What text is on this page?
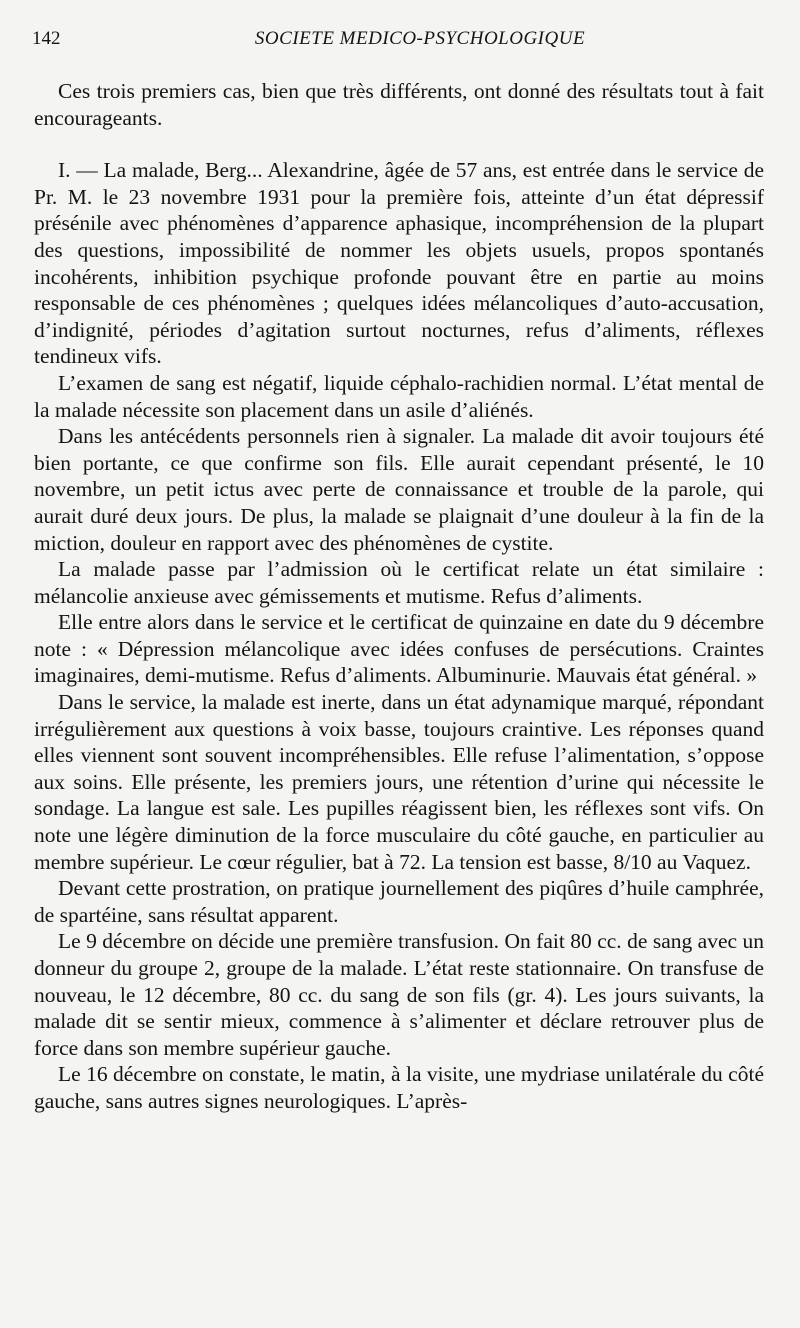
142	SOCIETE MEDICO-PSYCHOLOGIQUE

Ces trois premiers cas, bien que très différents, ont donné des résultats tout à fait encourageants.

I. — La malade, Berg... Alexandrine, âgée de 57 ans, est entrée dans le service de Pr. M. le 23 novembre 1931 pour la première fois, atteinte d’un état dépressif présénile avec phénomènes d’apparence aphasique, incompréhension de la plupart des questions, impossibilité de nommer les objets usuels, propos spontanés incohérents, inhibition psychique profonde pouvant être en partie au moins responsable de ces phénomènes ; quelques idées mélancoliques d’auto-accusation, d’indignité, périodes d’agitation surtout nocturnes, refus d’aliments, réflexes tendineux vifs.

L’examen de sang est négatif, liquide céphalo-rachidien normal. L’état mental de la malade nécessite son placement dans un asile d’aliénés.

Dans les antécédents personnels rien à signaler. La malade dit avoir toujours été bien portante, ce que confirme son fils. Elle aurait cependant présenté, le 10 novembre, un petit ictus avec perte de connaissance et trouble de la parole, qui aurait duré deux jours. De plus, la malade se plaignait d’une douleur à la fin de la miction, douleur en rapport avec des phénomènes de cystite.

La malade passe par l’admission où le certificat relate un état similaire : mélancolie anxieuse avec gémissements et mutisme. Refus d’aliments.

Elle entre alors dans le service et le certificat de quinzaine en date du 9 décembre note : « Dépression mélancolique avec idées confuses de persécutions. Craintes imaginaires, demi-mutisme. Refus d’aliments. Albuminurie. Mauvais état général. »

Dans le service, la malade est inerte, dans un état adynamique marqué, répondant irrégulièrement aux questions à voix basse, toujours craintive. Les réponses quand elles viennent sont souvent incompréhensibles. Elle refuse l’alimentation, s’oppose aux soins. Elle présente, les premiers jours, une rétention d’urine qui nécessite le sondage. La langue est sale. Les pupilles réagissent bien, les réflexes sont vifs. On note une légère diminution de la force musculaire du côté gauche, en particulier au membre supérieur. Le cœur régulier, bat à 72. La tension est basse, 8/10 au Vaquez.

Devant cette prostration, on pratique journellement des piqûres d’huile camphrée, de spartéine, sans résultat apparent.

Le 9 décembre on décide une première transfusion. On fait 80 cc. de sang avec un donneur du groupe 2, groupe de la malade. L’état reste stationnaire. On transfuse de nouveau, le 12 décembre, 80 cc. du sang de son fils (gr. 4). Les jours suivants, la malade dit se sentir mieux, commence à s’alimenter et déclare retrouver plus de force dans son membre supérieur gauche.

Le 16 décembre on constate, le matin, à la visite, une mydriase unilatérale du côté gauche, sans autres signes neurologiques. L’après-
